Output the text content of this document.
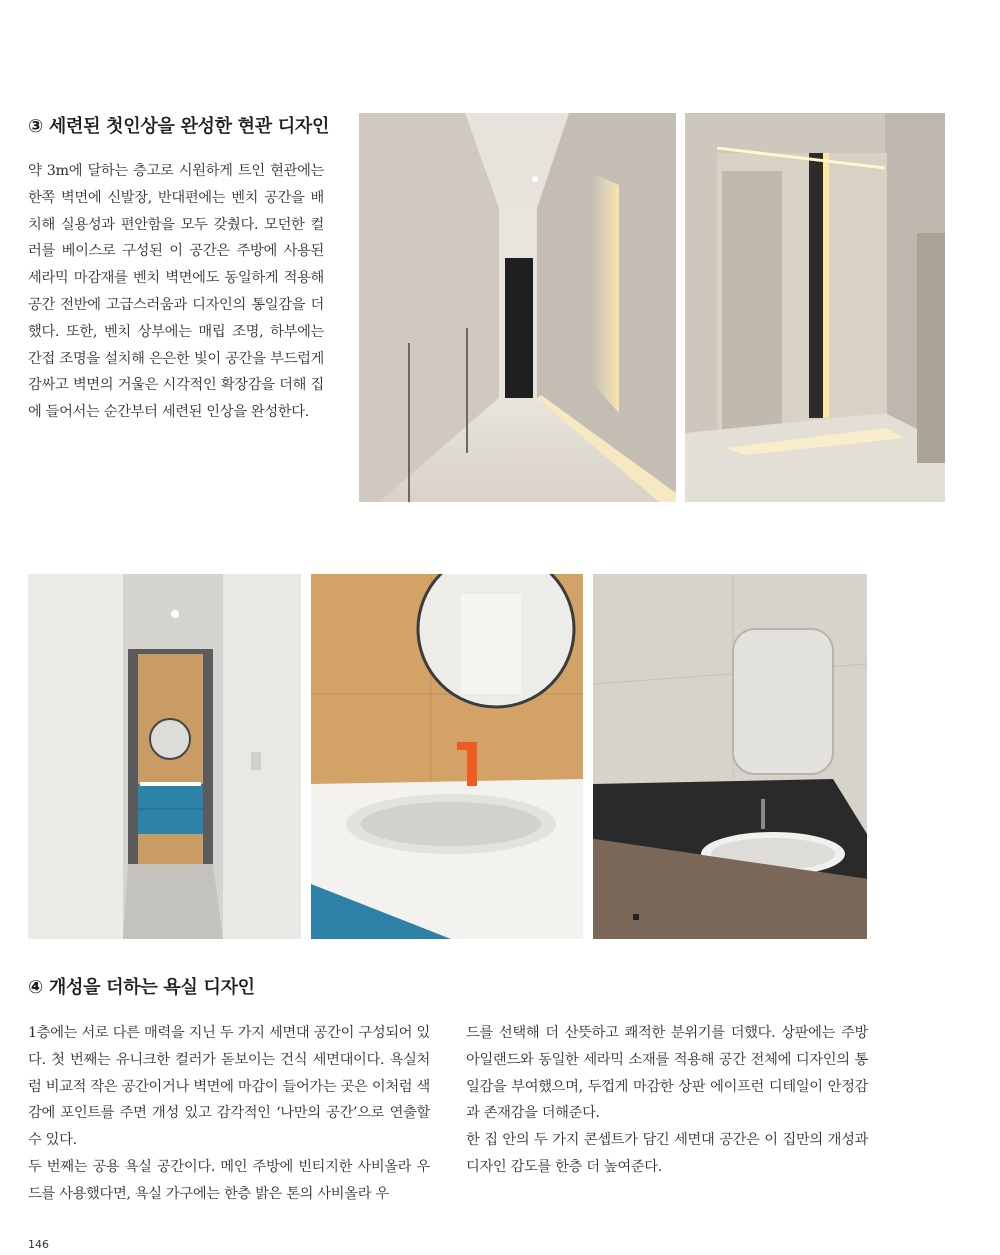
③ 세련된 첫인상을 완성한 현관 디자인

약 3m에 달하는 층고로 시원하게 트인 현관에는 한쪽 벽면에 신발장, 반대편에는 벤치 공간을 배치해 실용성과 편안함을 모두 갖췄다. 모던한 컬러를 베이스로 구성된 이 공간은 주방에 사용된 세라믹 마감재를 벤치 벽면에도 동일하게 적용해 공간 전반에 고급스러움과 디자인의 통일감을 더했다. 또한, 벤치 상부에는 매립 조명, 하부에는 간접 조명을 설치해 은은한 빛이 공간을 부드럽게 감싸고 벽면의 거울은 시각적인 확장감을 더해 집에 들어서는 순간부터 세련된 인상을 완성한다.

④ 개성을 더하는 욕실 디자인

1층에는 서로 다른 매력을 지닌 두 가지 세면대 공간이 구성되어 있다. 첫 번째는 유니크한 컬러가 돋보이는 건식 세면대이다. 욕실처럼 비교적 작은 공간이거나 벽면에 마감이 들어가는 곳은 이처럼 색감에 포인트를 주면 개성 있고 감각적인 ‘나만의 공간’으로 연출할 수 있다.

두 번째는 공용 욕실 공간이다. 메인 주방에 빈티지한 사비올라 우드를 사용했다면, 욕실 가구에는 한층 밝은 톤의 사비올라 우

드를 선택해 더 산뜻하고 쾌적한 분위기를 더했다. 상판에는 주방 아일랜드와 동일한 세라믹 소재를 적용해 공간 전체에 디자인의 통일감을 부여했으며, 두껍게 마감한 상판 에이프런 디테일이 안정감과 존재감을 더해준다.

한 집 안의 두 가지 콘셉트가 담긴 세면대 공간은 이 집만의 개성과 디자인 감도를 한층 더 높여준다.

146
